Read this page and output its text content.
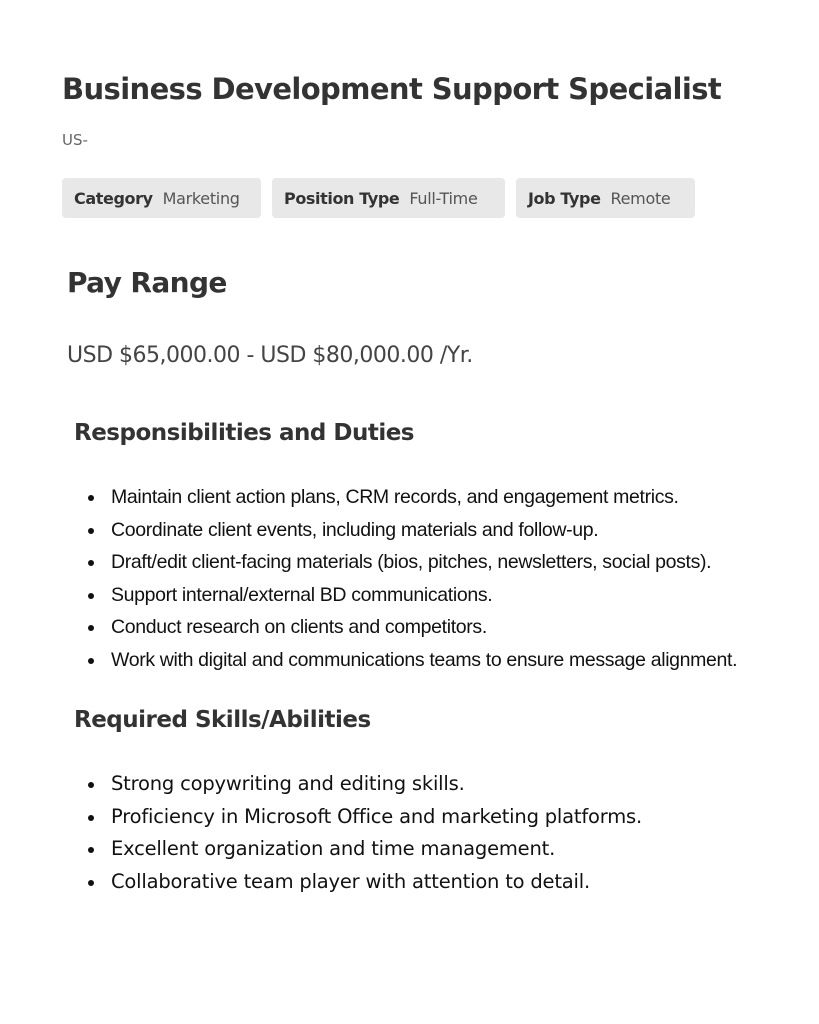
Business Development Support Specialist
US-
Category Marketing	Position Type Full-Time	Job Type Remote
Pay Range
USD $65,000.00 - USD $80,000.00 /Yr.
Responsibilities and Duties
Maintain client action plans, CRM records, and engagement metrics.
Coordinate client events, including materials and follow-up.
Draft/edit client-facing materials (bios, pitches, newsletters, social posts).
Support internal/external BD communications.
Conduct research on clients and competitors.
Work with digital and communications teams to ensure message alignment.
Required Skills/Abilities
Strong copywriting and editing skills.
Proficiency in Microsoft Office and marketing platforms.
Excellent organization and time management.
Collaborative team player with attention to detail.
